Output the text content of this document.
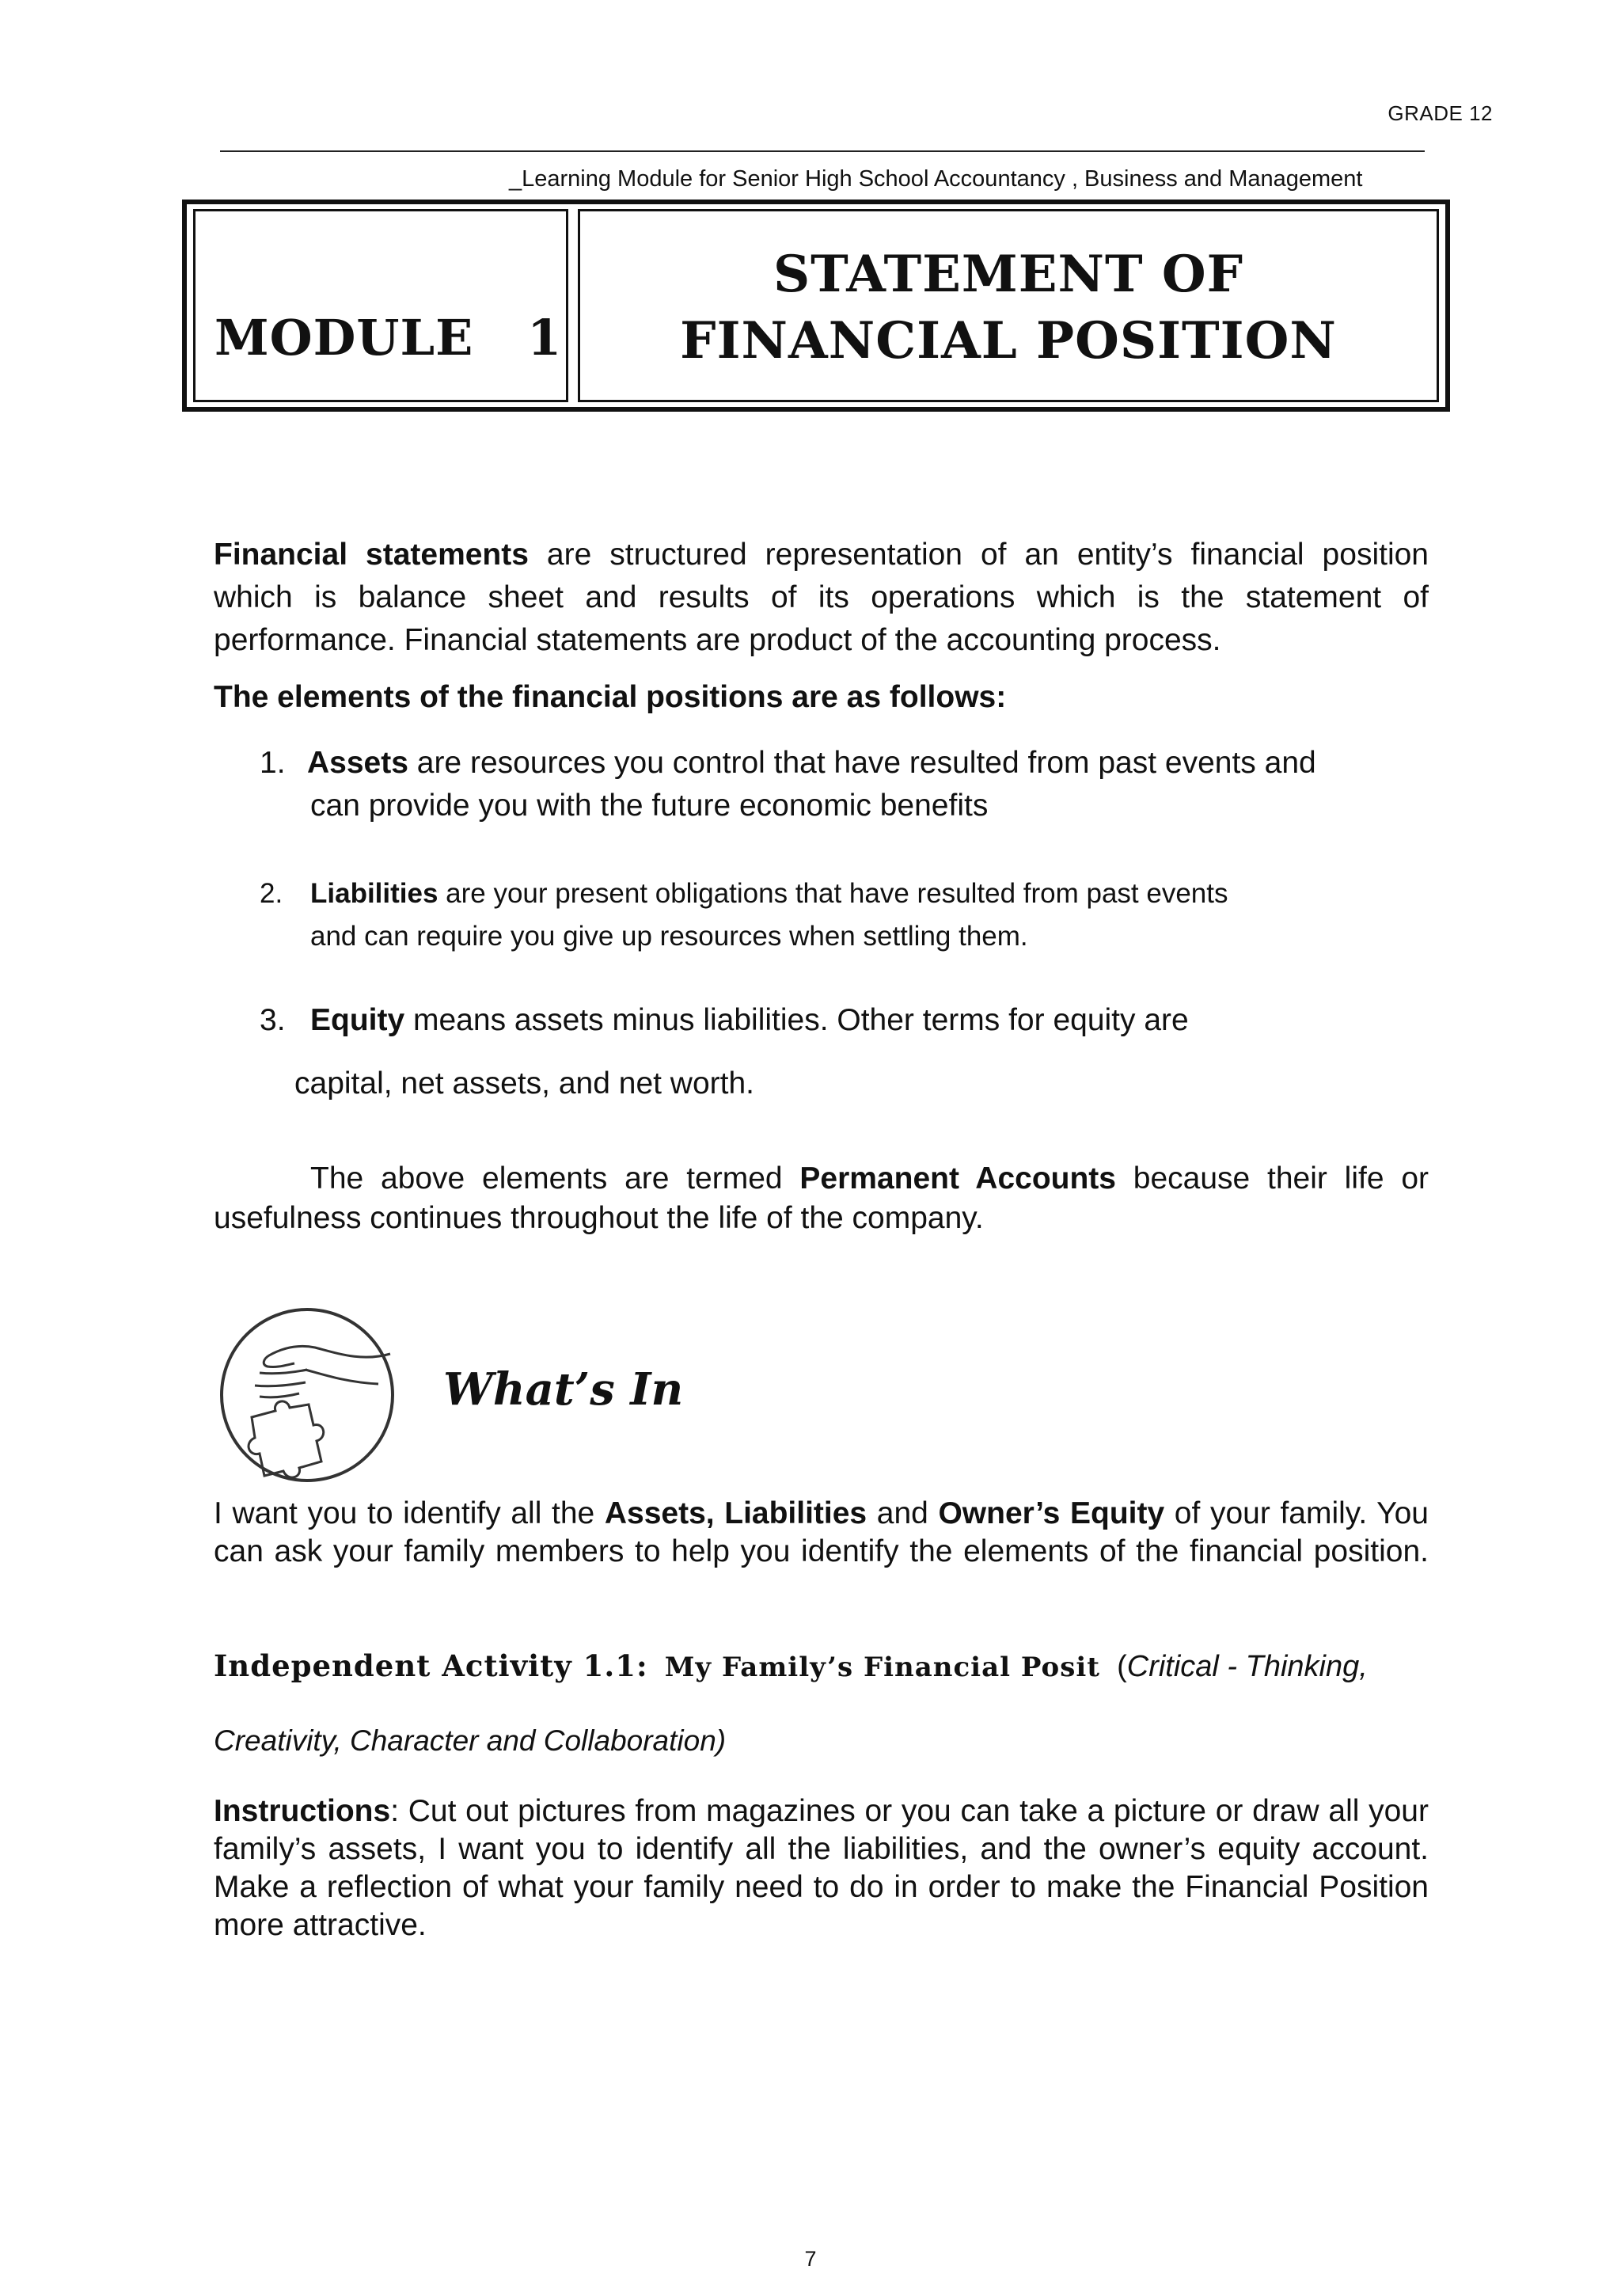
GRADE 12
_Learning Module for Senior High School Accountancy , Business and Management
MODULE   1
STATEMENT OF
FINANCIAL POSITION
Financial statements are structured representation of an entity’s financial position which is balance sheet and results of its operations which is the statement of performance. Financial statements are product of the accounting process.
The elements of the financial positions are as follows:
1. Assets are resources you control that have resulted from past events and
can provide you with the future economic benefits
2. Liabilities are your present obligations that have resulted from past events
and can require you give up resources when settling them.
3. Equity means assets minus liabilities. Other terms for equity are
capital, net assets, and net worth.
The above elements are termed Permanent Accounts because their life or usefulness continues throughout the life of the company.
What’s In
I want you to identify all the Assets, Liabilities and Owner’s Equity of your family. You can ask your family members to help you identify the elements of the financial position.
Independent Activity 1.1: My Family’s Financial Posit (Critical - Thinking,
Creativity, Character and Collaboration)
Instructions: Cut out pictures from magazines or you can take a picture or draw all your family’s assets, I want you to identify all the liabilities, and the owner’s equity account. Make a reflection of what your family need to do in order to make the Financial Position more attractive.
7
